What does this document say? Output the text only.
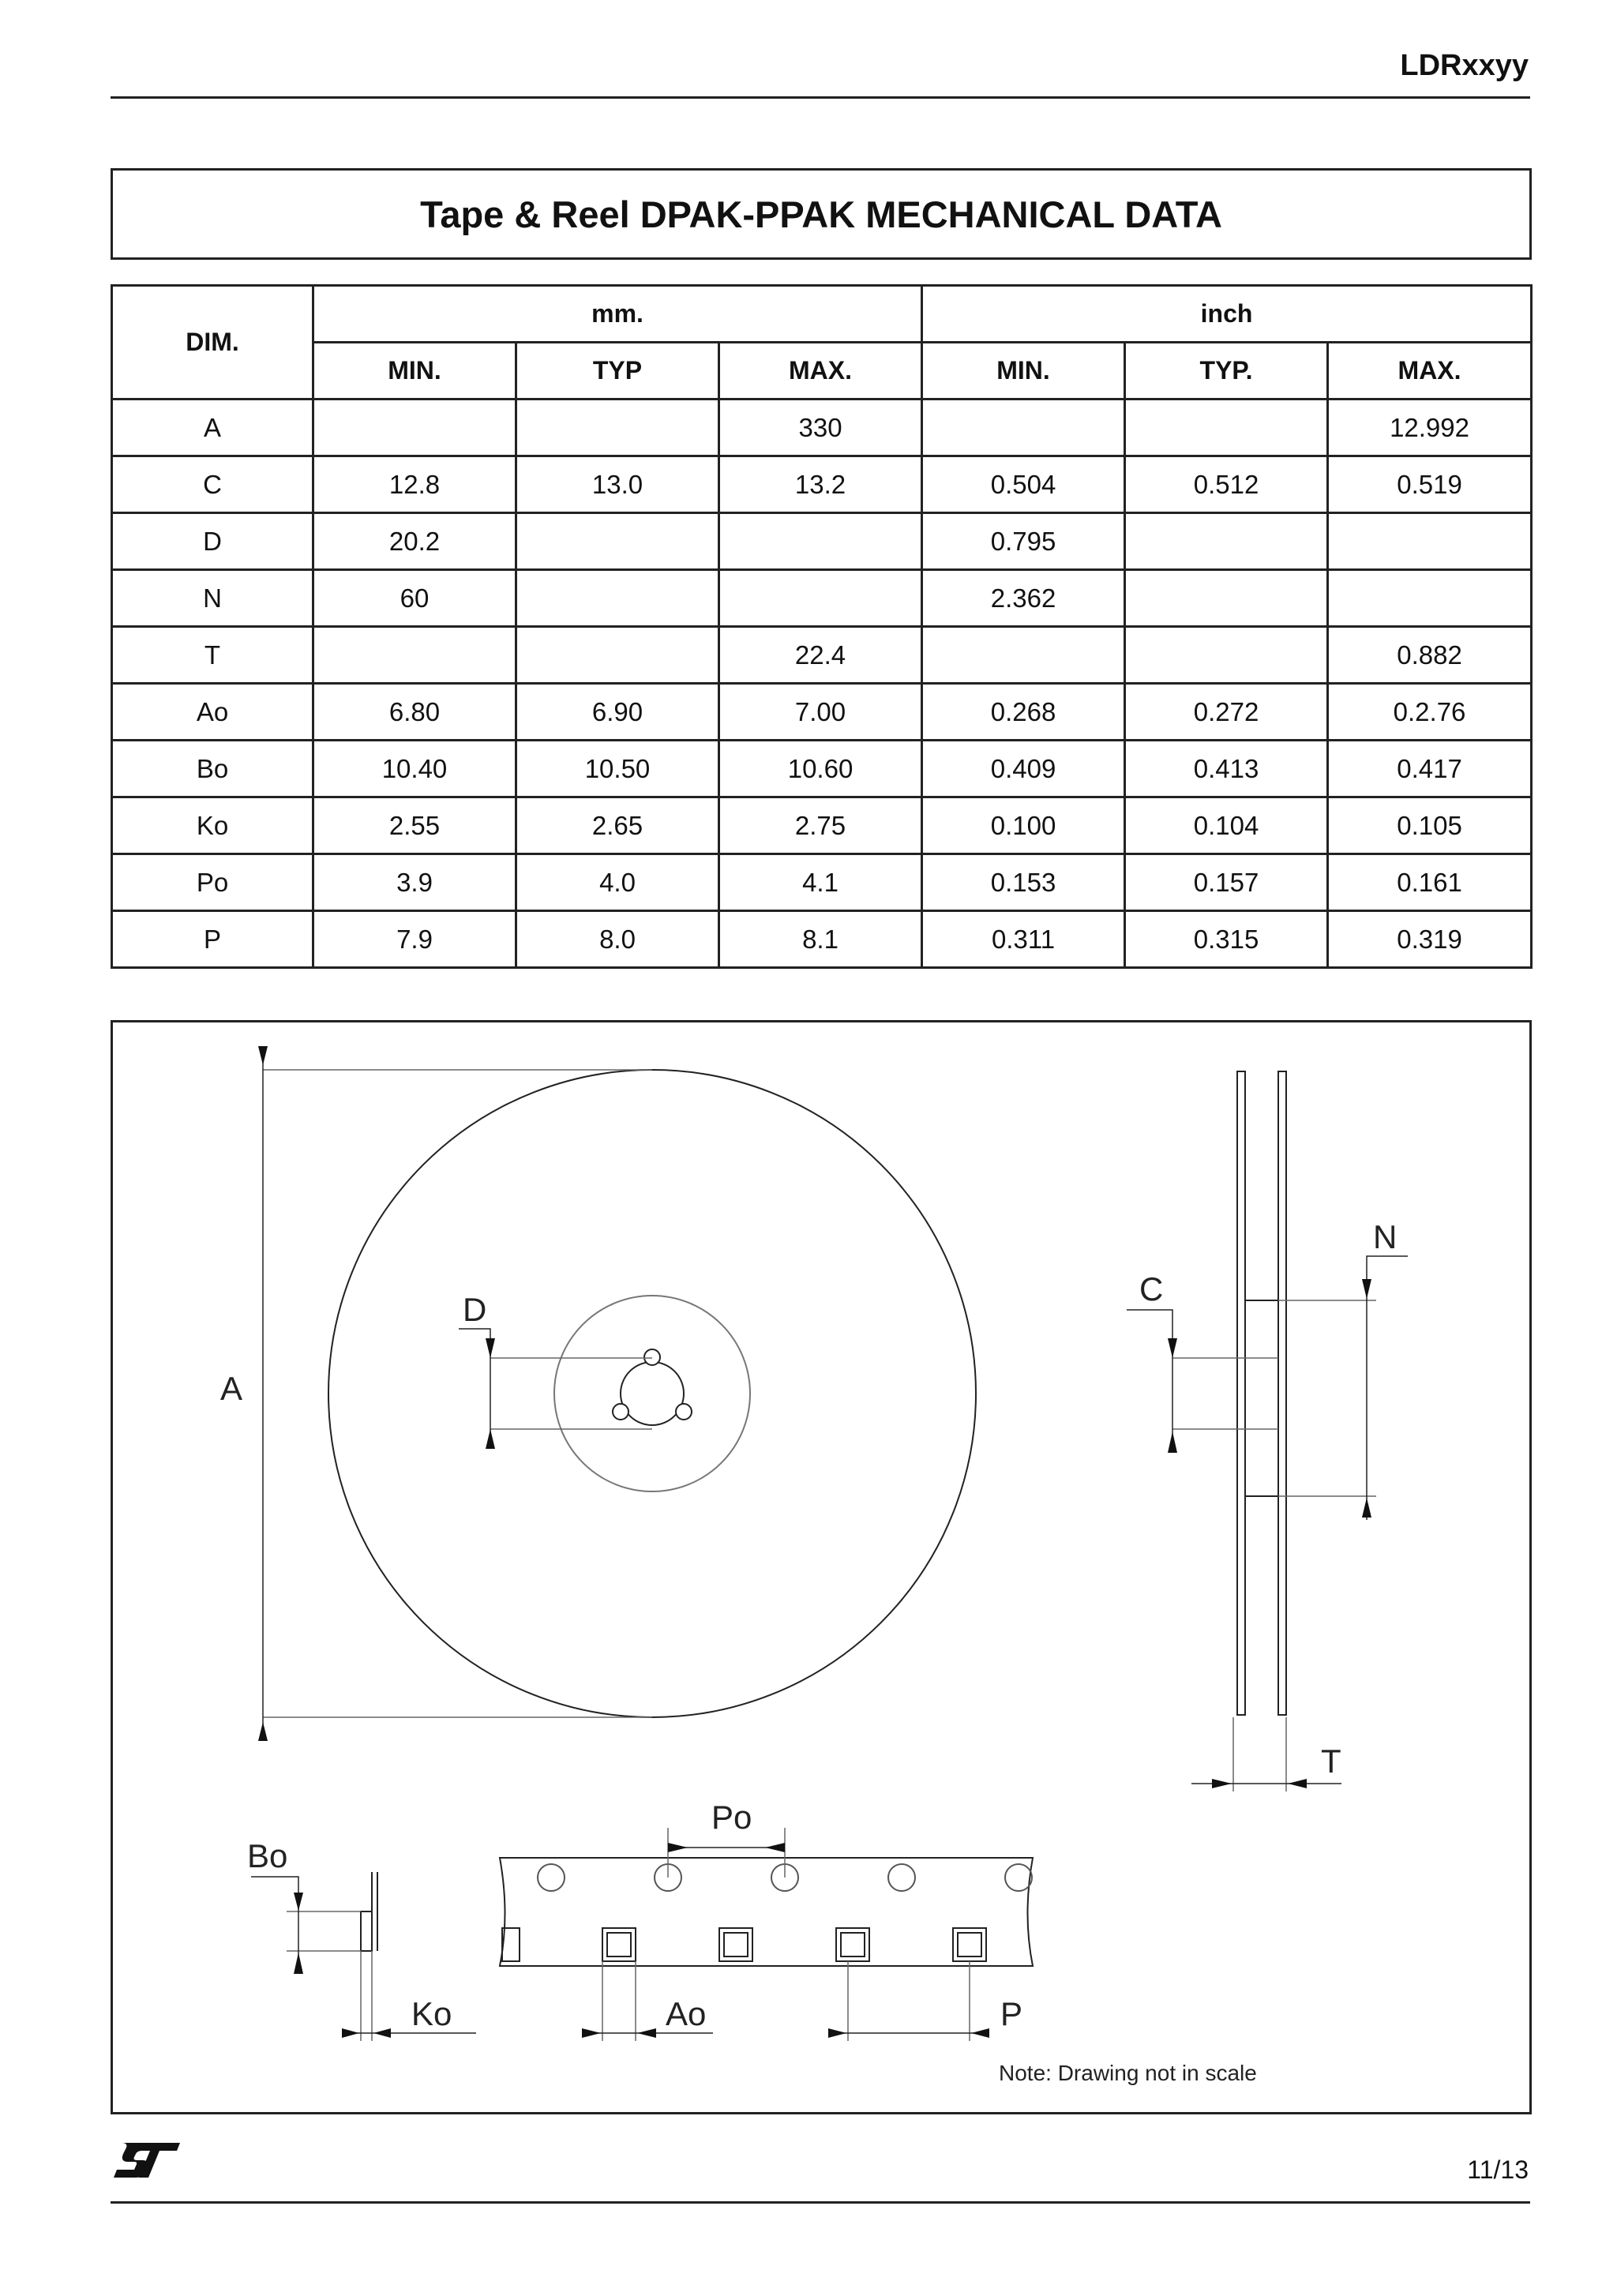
LDRxxyy
Tape & Reel DPAK-PPAK MECHANICAL DATA
DIM.	mm.			inch		
	MIN.	TYP	MAX.	MIN.	TYP.	MAX.
A			330			12.992
C	12.8	13.0	13.2	0.504	0.512	0.519
D	20.2			0.795		
N	60			2.362		
T			22.4			0.882
Ao	6.80	6.90	7.00	0.268	0.272	0.2.76
Bo	10.40	10.50	10.60	0.409	0.413	0.417
Ko	2.55	2.65	2.75	0.100	0.104	0.105
Po	3.9	4.0	4.1	0.153	0.157	0.161
P	7.9	8.0	8.1	0.311	0.315	0.319
A
D
N
C
T
Po
Ao	P
Bo
Ko
Note: Drawing not in scale
11/13
